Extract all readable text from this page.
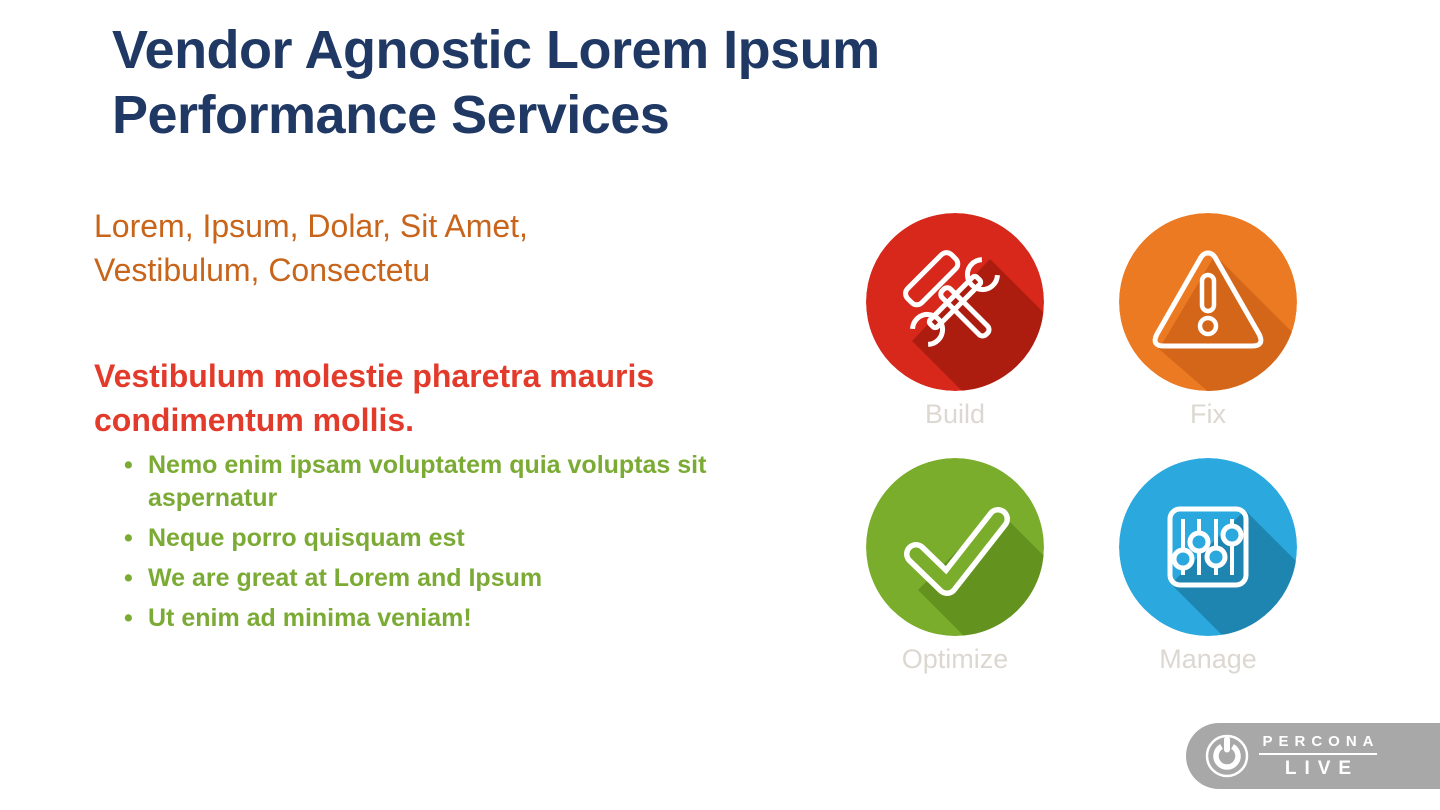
Vendor Agnostic Lorem Ipsum Performance Services

Lorem, Ipsum, Dolar, Sit Amet, Vestibulum, Consectetu

Vestibulum molestie pharetra mauris condimentum mollis.

• Nemo enim ipsam voluptatem quia voluptas sit aspernatur
• Neque porro quisquam est
• We are great at Lorem and Ipsum
• Ut enim ad minima veniam!
Build	Fix
Optimize	Manage
PERCONA
LIVE
